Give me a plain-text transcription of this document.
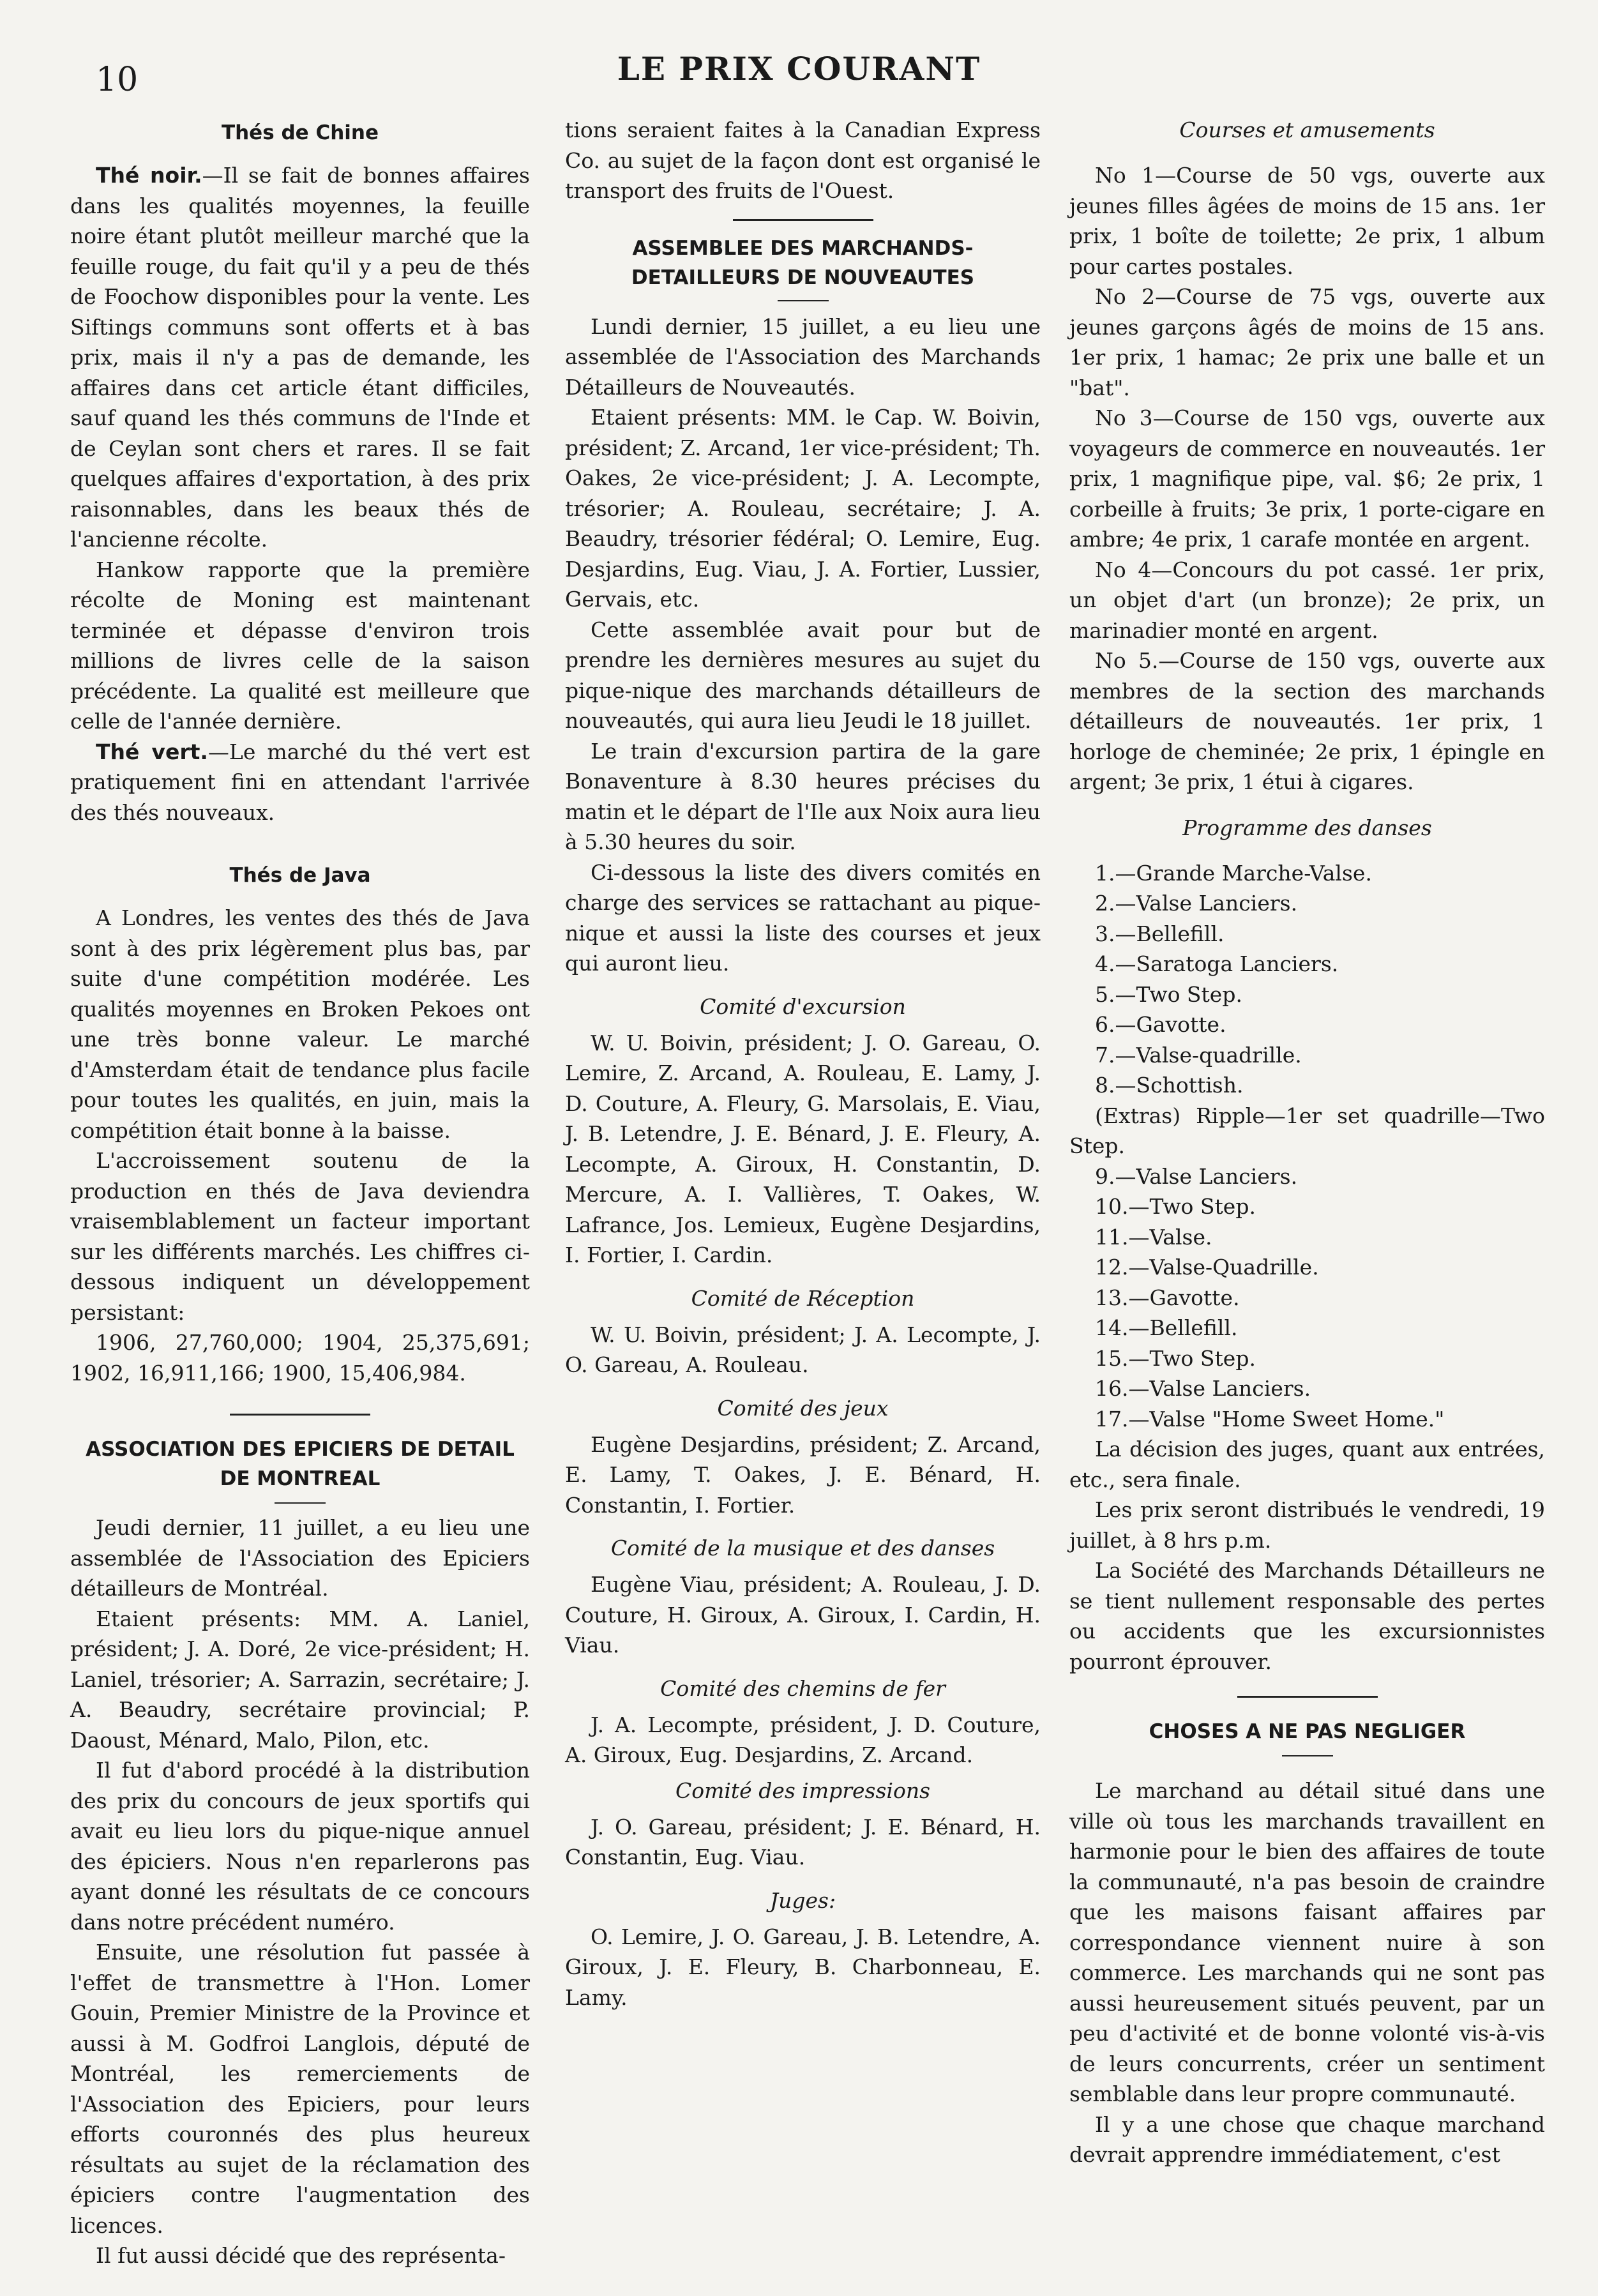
10	LE PRIX COURANT
Thés de Chine

Thé noir.—Il se fait de bonnes affaires dans les qualités moyennes, la feuille noire étant plutôt meilleur marché que la feuille rouge, du fait qu'il y a peu de thés de Foochow disponibles pour la vente. Les Siftings communs sont offerts et à bas prix, mais il n'y a pas de demande, les affaires dans cet article étant difficiles, sauf quand les thés communs de l'Inde et de Ceylan sont chers et rares. Il se fait quelques affaires d'exportation, à des prix raisonnables, dans les beaux thés de l'ancienne récolte.

Hankow rapporte que la première récolte de Moning est maintenant terminée et dépasse d'environ trois millions de livres celle de la saison précédente. La qualité est meilleure que celle de l'année dernière.

Thé vert.—Le marché du thé vert est pratiquement fini en attendant l'arrivée des thés nouveaux.

Thés de Java

A Londres, les ventes des thés de Java sont à des prix légèrement plus bas, par suite d'une compétition modérée. Les qualités moyennes en Broken Pekoes ont une très bonne valeur. Le marché d'Amsterdam était de tendance plus facile pour toutes les qualités, en juin, mais la compétition était bonne à la baisse.

L'accroissement soutenu de la production en thés de Java deviendra vraisemblablement un facteur important sur les différents marchés. Les chiffres ci-dessous indiquent un développement persistant:

1906, 27,760,000; 1904, 25,375,691; 1902, 16,911,166; 1900, 15,406,984.

ASSOCIATION DES EPICIERS DE DETAIL DE MONTREAL

Jeudi dernier, 11 juillet, a eu lieu une assemblée de l'Association des Epiciers détailleurs de Montréal.

Etaient présents: MM. A. Laniel, président; J. A. Doré, 2e vice-président; H. Laniel, trésorier; A. Sarrazin, secrétaire; J. A. Beaudry, secrétaire provincial; P. Daoust, Ménard, Malo, Pilon, etc.

Il fut d'abord procédé à la distribution des prix du concours de jeux sportifs qui avait eu lieu lors du pique-nique annuel des épiciers. Nous n'en reparlerons pas ayant donné les résultats de ce concours dans notre précédent numéro.

Ensuite, une résolution fut passée à l'effet de transmettre à l'Hon. Lomer Gouin, Premier Ministre de la Province et aussi à M. Godfroi Langlois, député de Montréal, les remerciements de l'Association des Epiciers, pour leurs efforts couronnés des plus heureux résultats au sujet de la réclamation des épiciers contre l'augmentation des licences.

Il fut aussi décidé que des représenta-

tions seraient faites à la Canadian Express Co. au sujet de la façon dont est organisé le transport des fruits de l'Ouest.

ASSEMBLEE DES MARCHANDS-DETAILLEURS DE NOUVEAUTES

Lundi dernier, 15 juillet, a eu lieu une assemblée de l'Association des Marchands Détailleurs de Nouveautés.

Etaient présents: MM. le Cap. W. Boivin, président; Z. Arcand, 1er vice-président; Th. Oakes, 2e vice-président; J. A. Lecompte, trésorier; A. Rouleau, secrétaire; J. A. Beaudry, trésorier fédéral; O. Lemire, Eug. Desjardins, Eug. Viau, J. A. Fortier, Lussier, Gervais, etc.

Cette assemblée avait pour but de prendre les dernières mesures au sujet du pique-nique des marchands détailleurs de nouveautés, qui aura lieu Jeudi le 18 juillet.

Le train d'excursion partira de la gare Bonaventure à 8.30 heures précises du matin et le départ de l'Ile aux Noix aura lieu à 5.30 heures du soir.

Ci-dessous la liste des divers comités en charge des services se rattachant au pique-nique et aussi la liste des courses et jeux qui auront lieu.

Comité d'excursion

W. U. Boivin, président; J. O. Gareau, O. Lemire, Z. Arcand, A. Rouleau, E. Lamy, J. D. Couture, A. Fleury, G. Marsolais, E. Viau, J. B. Letendre, J. E. Bénard, J. E. Fleury, A. Lecompte, A. Giroux, H. Constantin, D. Mercure, A. I. Vallières, T. Oakes, W. Lafrance, Jos. Lemieux, Eugène Desjardins, I. Fortier, I. Cardin.

Comité de Réception

W. U. Boivin, président; J. A. Lecompte, J. O. Gareau, A. Rouleau.

Comité des jeux

Eugène Desjardins, président; Z. Arcand, E. Lamy, T. Oakes, J. E. Bénard, H. Constantin, I. Fortier.

Comité de la musique et des danses

Eugène Viau, président; A. Rouleau, J. D. Couture, H. Giroux, A. Giroux, I. Cardin, H. Viau.

Comité des chemins de fer

J. A. Lecompte, président, J. D. Couture, A. Giroux, Eug. Desjardins, Z. Arcand.

Comité des impressions

J. O. Gareau, président; J. E. Bénard, H. Constantin, Eug. Viau.

Juges:

O. Lemire, J. O. Gareau, J. B. Letendre, A. Giroux, J. E. Fleury, B. Charbonneau, E. Lamy.

Courses et amusements

No 1—Course de 50 vgs, ouverte aux jeunes filles âgées de moins de 15 ans. 1er prix, 1 boîte de toilette; 2e prix, 1 album pour cartes postales.

No 2—Course de 75 vgs, ouverte aux jeunes garçons âgés de moins de 15 ans. 1er prix, 1 hamac; 2e prix une balle et un "bat".

No 3—Course de 150 vgs, ouverte aux voyageurs de commerce en nouveautés. 1er prix, 1 magnifique pipe, val. $6; 2e prix, 1 corbeille à fruits; 3e prix, 1 porte-cigare en ambre; 4e prix, 1 carafe montée en argent.

No 4—Concours du pot cassé. 1er prix, un objet d'art (un bronze); 2e prix, un marinadier monté en argent.

No 5.—Course de 150 vgs, ouverte aux membres de la section des marchands détailleurs de nouveautés. 1er prix, 1 horloge de cheminée; 2e prix, 1 épingle en argent; 3e prix, 1 étui à cigares.

Programme des danses
1.—Grande Marche-Valse.
2.—Valse Lanciers.
3.—Bellefill.
4.—Saratoga Lanciers.
5.—Two Step.
6.—Gavotte.
7.—Valse-quadrille.
8.—Schottish.

(Extras) Ripple—1er set quadrille—Two Step.

9.—Valse Lanciers.
10.—Two Step.
11.—Valse.
12.—Valse-Quadrille.
13.—Gavotte.
14.—Bellefill.
15.—Two Step.
16.—Valse Lanciers.
17.—Valse "Home Sweet Home."

La décision des juges, quant aux entrées, etc., sera finale.

Les prix seront distribués le vendredi, 19 juillet, à 8 hrs p.m.

La Société des Marchands Détailleurs ne se tient nullement responsable des pertes ou accidents que les excursionnistes pourront éprouver.

CHOSES A NE PAS NEGLIGER

Le marchand au détail situé dans une ville où tous les marchands travaillent en harmonie pour le bien des affaires de toute la communauté, n'a pas besoin de craindre que les maisons faisant affaires par correspondance viennent nuire à son commerce. Les marchands qui ne sont pas aussi heureusement situés peuvent, par un peu d'activité et de bonne volonté vis-à-vis de leurs concurrents, créer un sentiment semblable dans leur propre communauté.

Il y a une chose que chaque marchand devrait apprendre immédiatement, c'est
